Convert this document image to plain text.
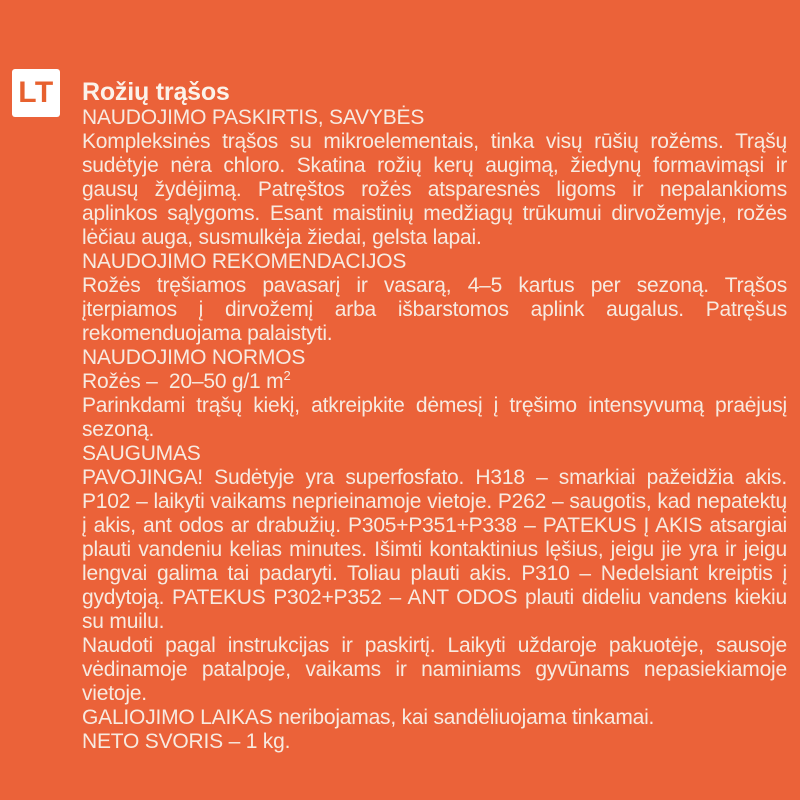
LT Rožių trąšos

NAUDOJIMO PASKIRTIS, SAVYBĖS

Kompleksinės trąšos su mikroelementais, tinka visų rūšių rožėms. Trąšų sudėtyje nėra chloro. Skatina rožių kerų augimą, žiedynų formavimąsi ir gausų žydėjimą. Patręštos rožės atsparesnės ligoms ir nepalankioms aplinkos sąlygoms. Esant maistinių medžiagų trūkumui dirvožemyje, rožės lėčiau auga, susmulkėja žiedai, gelsta lapai.

NAUDOJIMO REKOMENDACIJOS

Rožės tręšiamos pavasarį ir vasarą, 4–5 kartus per sezoną. Trąšos įterpiamos į dirvožemį arba išbarstomos aplink augalus. Patręšus rekomenduojama palaistyti.

NAUDOJIMO NORMOS

Rožės –  20–50 g/1 $m^2$

Parinkdami trąšų kiekį, atkreipkite dėmesį į tręšimo intensyvumą praėjusį sezoną.

SAUGUMAS

PAVOJINGA! Sudėtyje yra superfosfato. H318 – smarkiai pažeidžia akis. P102 – laikyti vaikams neprieinamoje vietoje. P262 – saugotis, kad nepatektų į akis, ant odos ar drabužių. P305+P351+P338 – PATEKUS Į AKIS atsargiai plauti vandeniu kelias minutes. Išimti kontaktinius lęšius, jeigu jie yra ir jeigu lengvai galima tai padaryti. Toliau plauti akis. P310 – Nedelsiant kreiptis į gydytoją. PATEKUS P302+P352 – ANT ODOS plauti dideliu vandens kiekiu su muilu.

Naudoti pagal instrukcijas ir paskirtį. Laikyti uždaroje pakuotėje, sausoje vėdinamoje patalpoje, vaikams ir naminiams gyvūnams nepasiekiamoje vietoje.

GALIOJIMO LAIKAS neribojamas, kai sandėliuojama tinkamai.

NETO SVORIS – 1 kg.
